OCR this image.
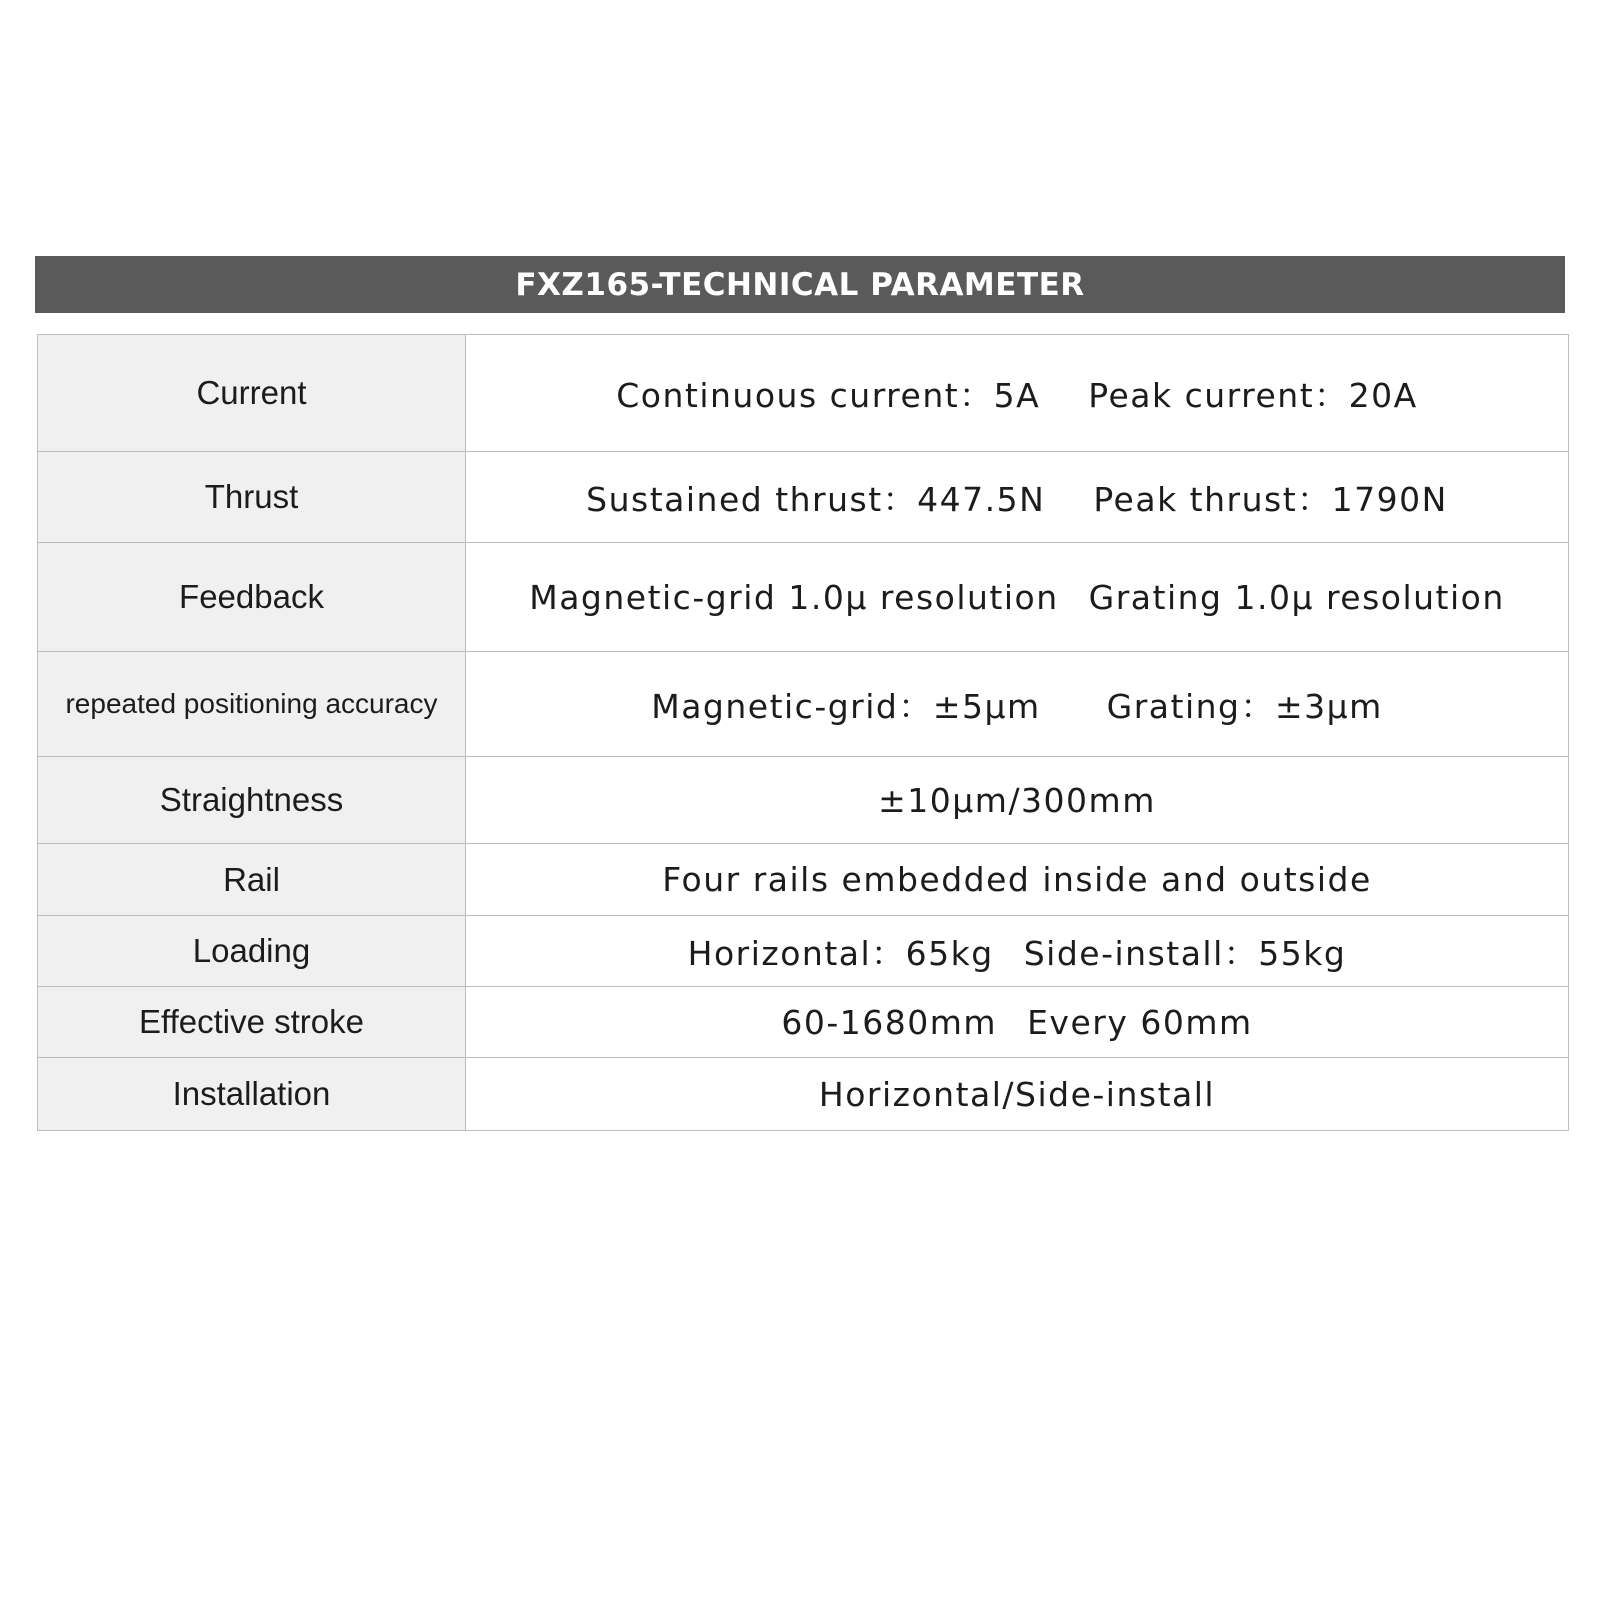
FXZ165-TECHNICAL PARAMETER
Current	Continuous current：5A Peak current：20A
Thrust	Sustained thrust：447.5N Peak thrust：1790N
Feedback	Magnetic-grid 1.0μ resolution Grating 1.0μ resolution
repeated positioning accuracy	Magnetic-grid：±5μm Grating：±3μm
Straightness	±10μm/300mm
Rail	Four rails embedded inside and outside
Loading	Horizontal：65kg Side-install：55kg
Effective stroke	60-1680mm Every 60mm
Installation	Horizontal/Side-install
